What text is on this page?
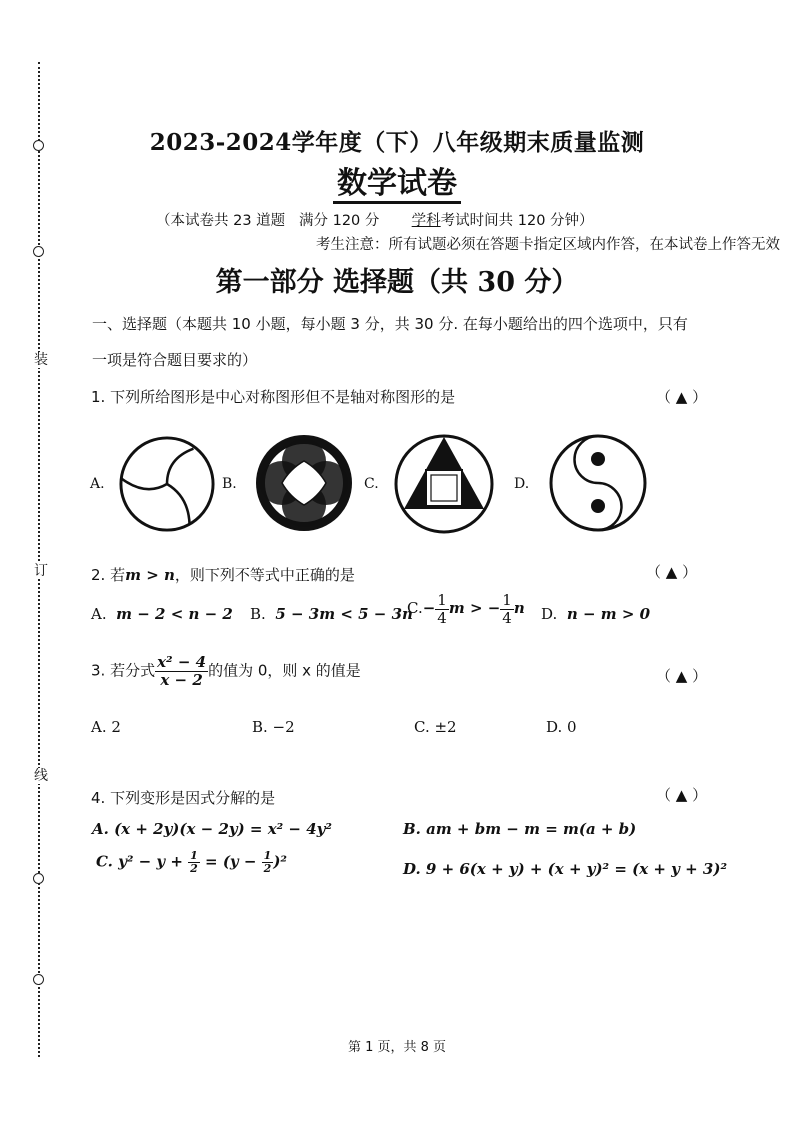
装
订
线
2023-2024学年度（下）八年级期末质量监测
数学试卷
（本试卷共 23 道题   满分 120 分       学科考试时间共 120 分钟）
考生注意：所有试题必须在答题卡指定区域内作答，在本试卷上作答无效
第一部分 选择题（共 30 分）
一、选择题（本题共 10 小题，每小题 3 分，共 30 分. 在每小题给出的四个选项中，只有
一项是符合题目要求的）
1. 下列所给图形是中心对称图形但不是轴对称图形的是	（ ▲ ）
A.	B.	C.	D.
2. 若m > n，则下列不等式中正确的是	（ ▲ ）
A. m − 2 < n − 2 B. 5 − 3m < 5 − 3n
$C.- \frac{1}{4}$ m > − $\frac{1}{4}$ n D. n − m > 0
3. 若分式 $\frac{\text{x² − 4}}{x - 2}$ 的值为 0，则 x 的值是	（ ▲ ）
A. 2	B. −2	C. ±2	D. 0
4. 下列变形是因式分解的是	（ ▲ ）
A. (x + 2y)(x − 2y) = x² − 4y²	B. am + bm − m = m(a + b)
C. $y^2 - y + \frac{1}{2} = (y - \frac{1}{2} )^2$	D. 9 + 6(x + y) + (x + y)² = (x + y + 3)²
第 1 页，共 8 页
